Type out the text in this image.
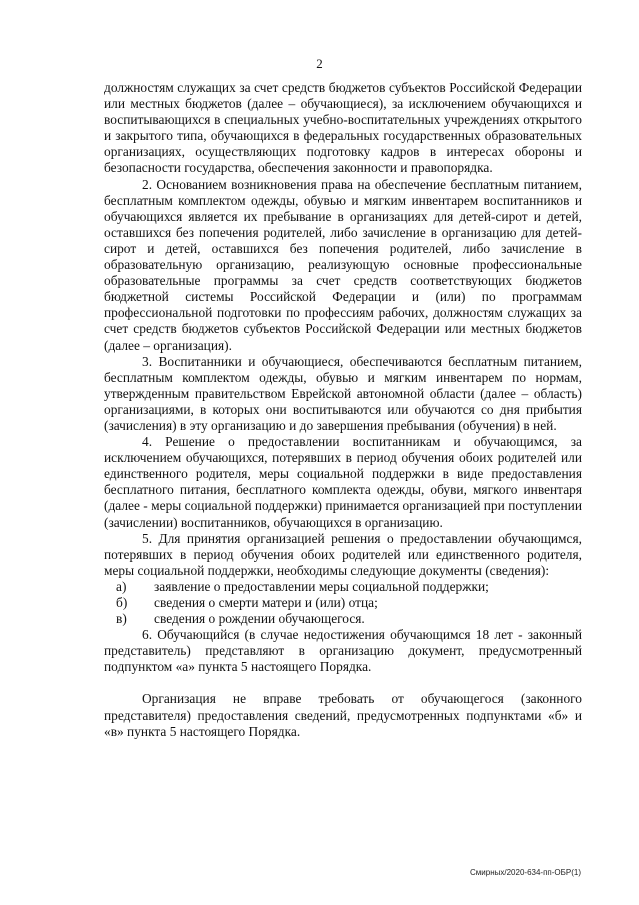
2

должностям служащих за счет средств бюджетов субъектов Российской Федерации или местных бюджетов (далее – обучающиеся), за исключением обучающихся и воспитывающихся в специальных учебно-воспитательных учреждениях открытого и закрытого типа, обучающихся в федеральных государственных образовательных организациях, осуществляющих подготовку кадров в интересах обороны и безопасности государства, обеспечения законности и правопорядка.

2. Основанием возникновения права на обеспечение бесплатным питанием, бесплатным комплектом одежды, обувью и мягким инвентарем воспитанников и обучающихся является их пребывание в организациях для детей-сирот и детей, оставшихся без попечения родителей, либо зачисление в организацию для детей-сирот и детей, оставшихся без попечения родителей, либо зачисление в образовательную организацию, реализующую основные профессиональные образовательные программы за счет средств соответствующих бюджетов бюджетной системы Российской Федерации и (или) по программам профессиональной подготовки по профессиям рабочих, должностям служащих за счет средств бюджетов субъектов Российской Федерации или местных бюджетов (далее – организация).

3. Воспитанники и обучающиеся, обеспечиваются бесплатным питанием, бесплатным комплектом одежды, обувью и мягким инвентарем по нормам, утвержденным правительством Еврейской автономной области (далее – область) организациями, в которых они воспитываются или обучаются со дня прибытия (зачисления) в эту организацию и до завершения пребывания (обучения) в ней.

4. Решение о предоставлении воспитанникам и обучающимся, за исключением обучающихся, потерявших в период обучения обоих родителей или единственного родителя, меры социальной поддержки в виде предоставления бесплатного питания, бесплатного комплекта одежды, обуви, мягкого инвентаря (далее - меры социальной поддержки) принимается организацией при поступлении (зачислении) воспитанников, обучающихся в организацию.

5. Для принятия организацией решения о предоставлении обучающимся, потерявших в период обучения обоих родителей или единственного родителя, меры социальной поддержки, необходимы следующие документы (сведения):

а)	заявление о предоставлении меры социальной поддержки;
б)	сведения о смерти матери и (или) отца;
в)	сведения о рождении обучающегося.

6. Обучающийся (в случае недостижения обучающимся 18 лет - законный представитель) представляют в организацию документ, предусмотренный подпунктом «а» пункта 5 настоящего Порядка.

Организация не вправе требовать от обучающегося (законного представителя) предоставления сведений, предусмотренных подпунктами «б» и «в» пункта 5 настоящего Порядка.

Смирных/2020-634-пп-ОБР(1)
